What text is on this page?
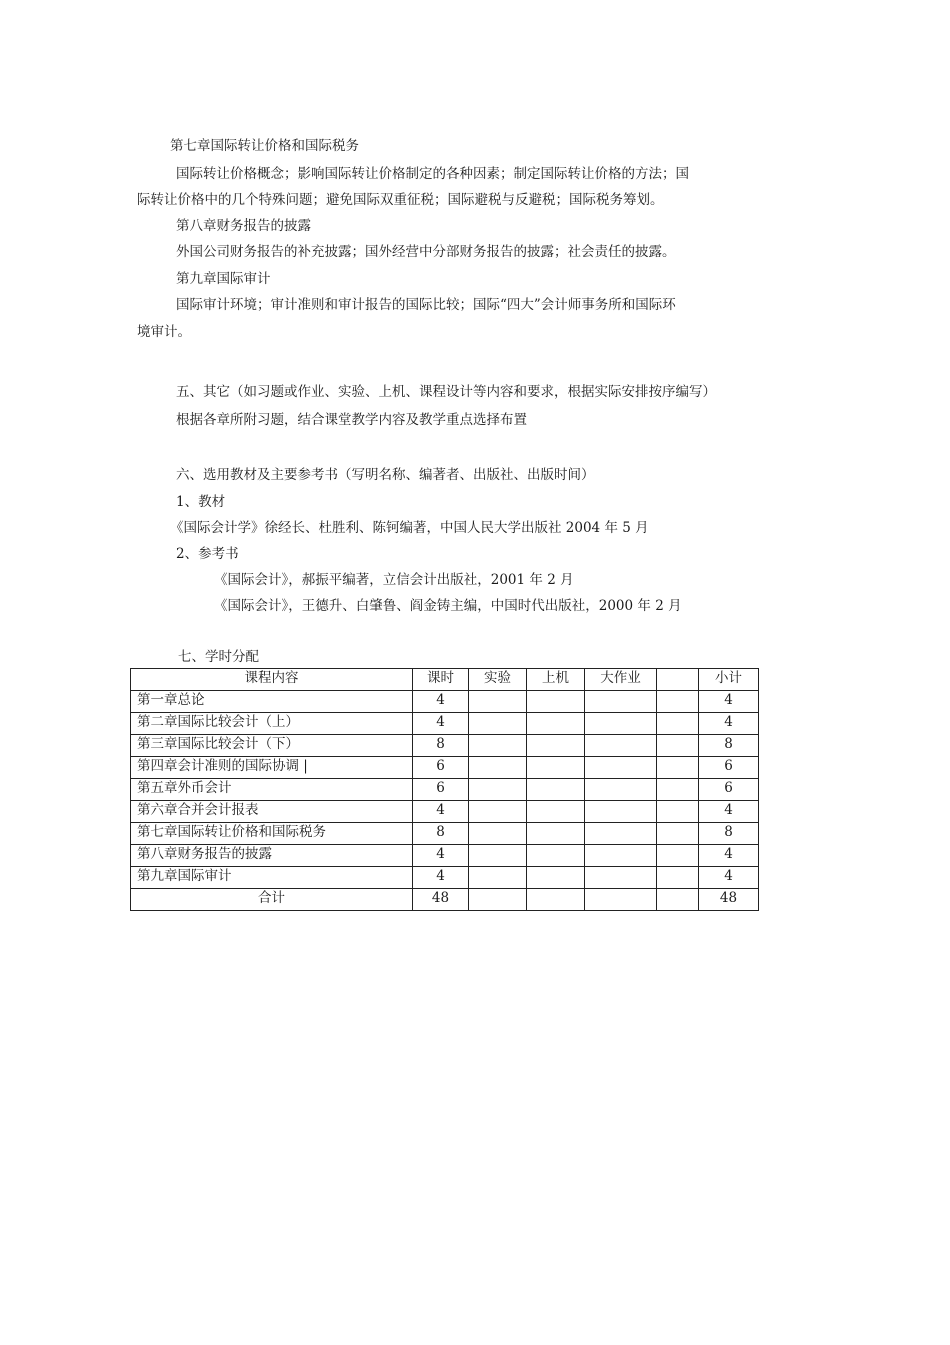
第七章国际转让价格和国际税务
国际转让价格概念；影响国际转让价格制定的各种因素；制定国际转让价格的方法；国
际转让价格中的几个特殊问题；避免国际双重征税；国际避税与反避税；国际税务筹划。
第八章财务报告的披露
外国公司财务报告的补充披露；国外经营中分部财务报告的披露；社会责任的披露。
第九章国际审计
国际审计环境；审计准则和审计报告的国际比较；国际“四大”会计师事务所和国际环
境审计。
五、其它（如习题或作业、实验、上机、课程设计等内容和要求，根据实际安排按序编写）
根据各章所附习题，结合课堂教学内容及教学重点选择布置
六、选用教材及主要参考书（写明名称、编著者、出版社、出版时间）
1、教材
《国际会计学》徐经长、杜胜利、陈钶编著，中国人民大学出版社 2004 年 5 月
2、参考书
《国际会计》，郝振平编著，立信会计出版社，2001 年 2 月
《国际会计》，王德升、白肇鲁、阎金铸主编，中国时代出版社，2000 年 2 月
七、学时分配
课程内容	课时	实验	上机	大作业		小计
第一章总论	4					4
第二章国际比较会计（上）	4					4
第三章国际比较会计（下）	8					8
第四章会计准则的国际协调 |	6					6
第五章外币会计	6					6
第六章合并会计报表	4					4
第七章国际转让价格和国际税务	8					8
第八章财务报告的披露	4					4
第九章国际审计	4					4
合计	48					48
